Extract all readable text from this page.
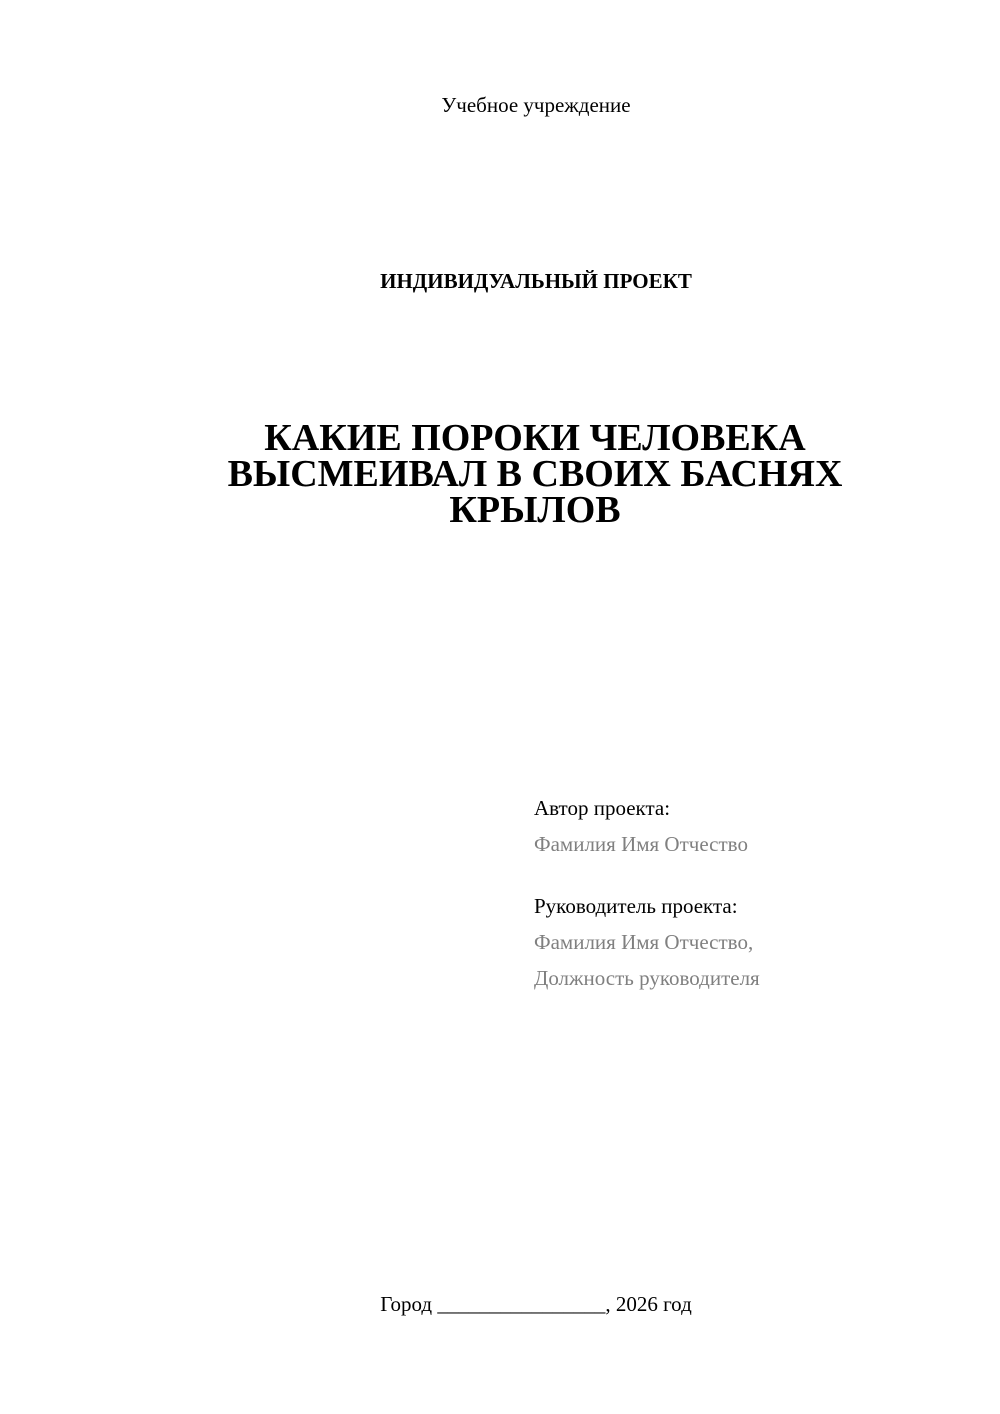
Учебное учреждение
ИНДИВИДУАЛЬНЫЙ ПРОЕКТ
КАКИЕ ПОРОКИ ЧЕЛОВЕКА
ВЫСМЕИВАЛ В СВОИХ БАСНЯХ
КРЫЛОВ
Автор проекта:
Фамилия Имя Отчество
Руководитель проекта:
Фамилия Имя Отчество,
Должность руководителя
Город ________________, 2026 год
